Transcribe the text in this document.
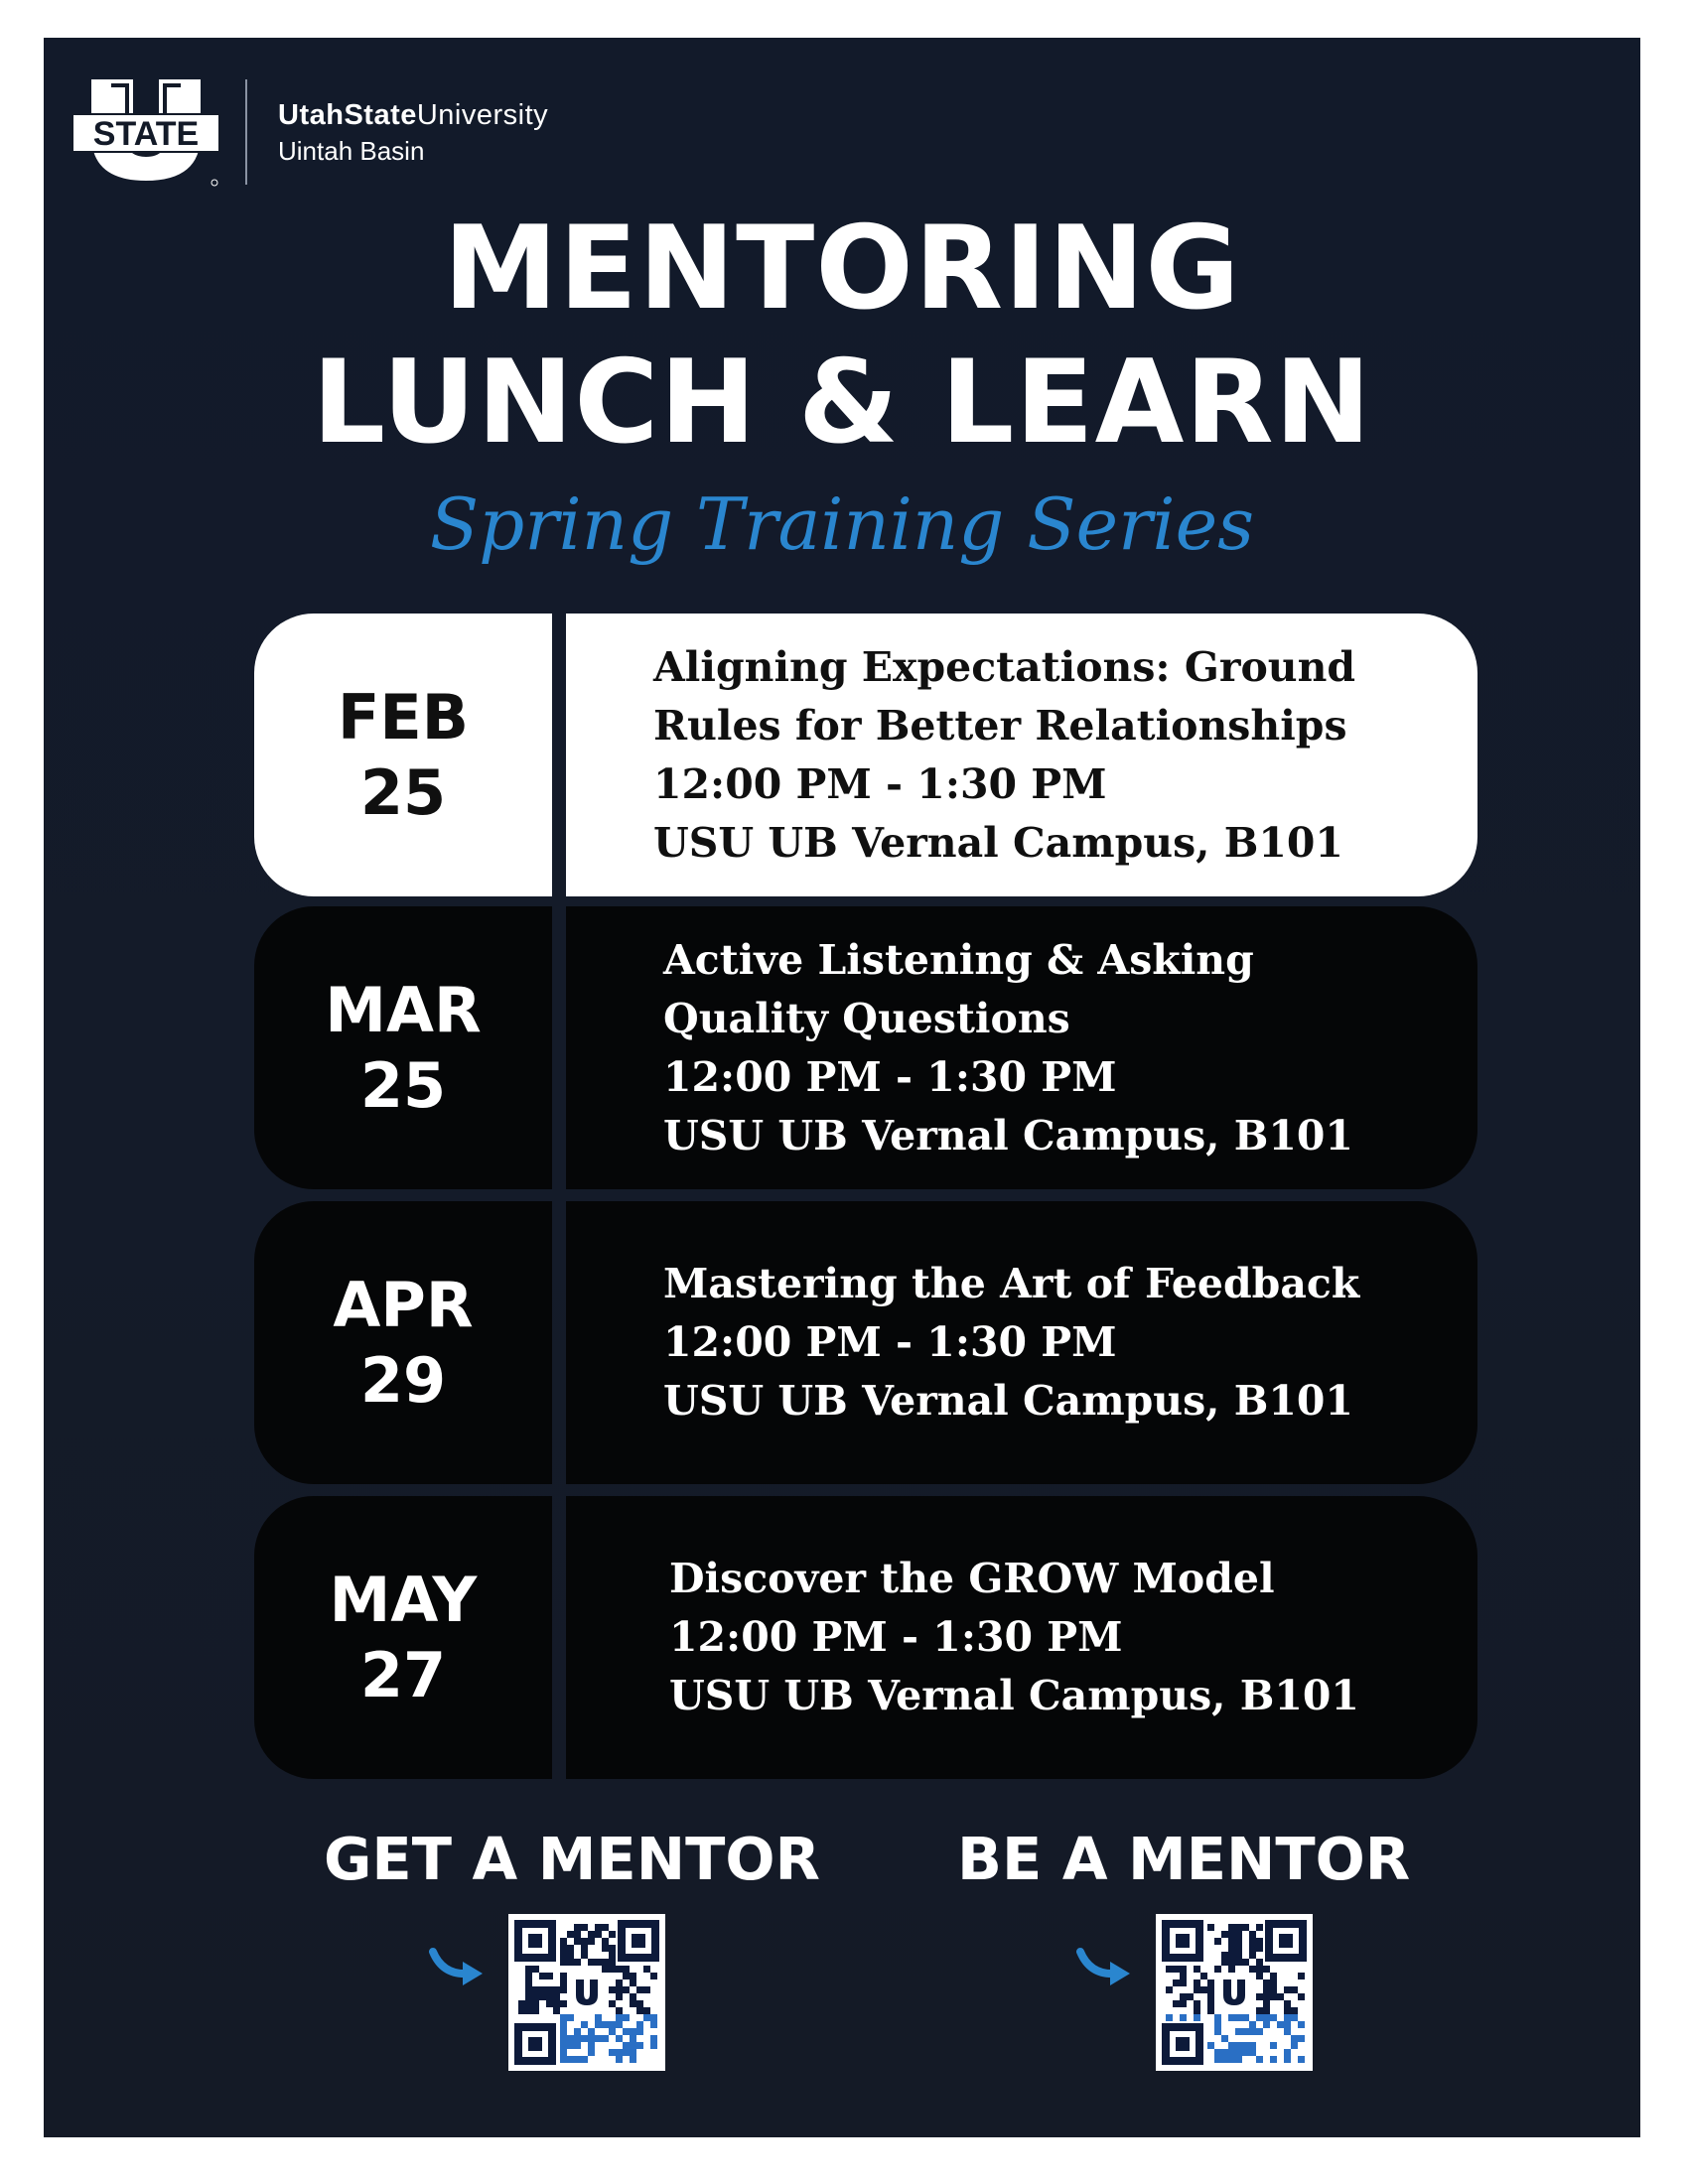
STATE	UtahStateUniversity
Uintah Basin
MENTORING
LUNCH & LEARN
Spring Training Series
FEB
25
Aligning Expectations: Ground
Rules for Better Relationships
12:00 PM - 1:30 PM
USU UB Vernal Campus, B101
MAR
25
Active Listening & Asking
Quality Questions
12:00 PM - 1:30 PM
USU UB Vernal Campus, B101
APR
29
Mastering the Art of Feedback
12:00 PM - 1:30 PM
USU UB Vernal Campus, B101
MAY
27
Discover the GROW Model
12:00 PM - 1:30 PM
USU UB Vernal Campus, B101
GET A MENTOR BE A MENTOR
